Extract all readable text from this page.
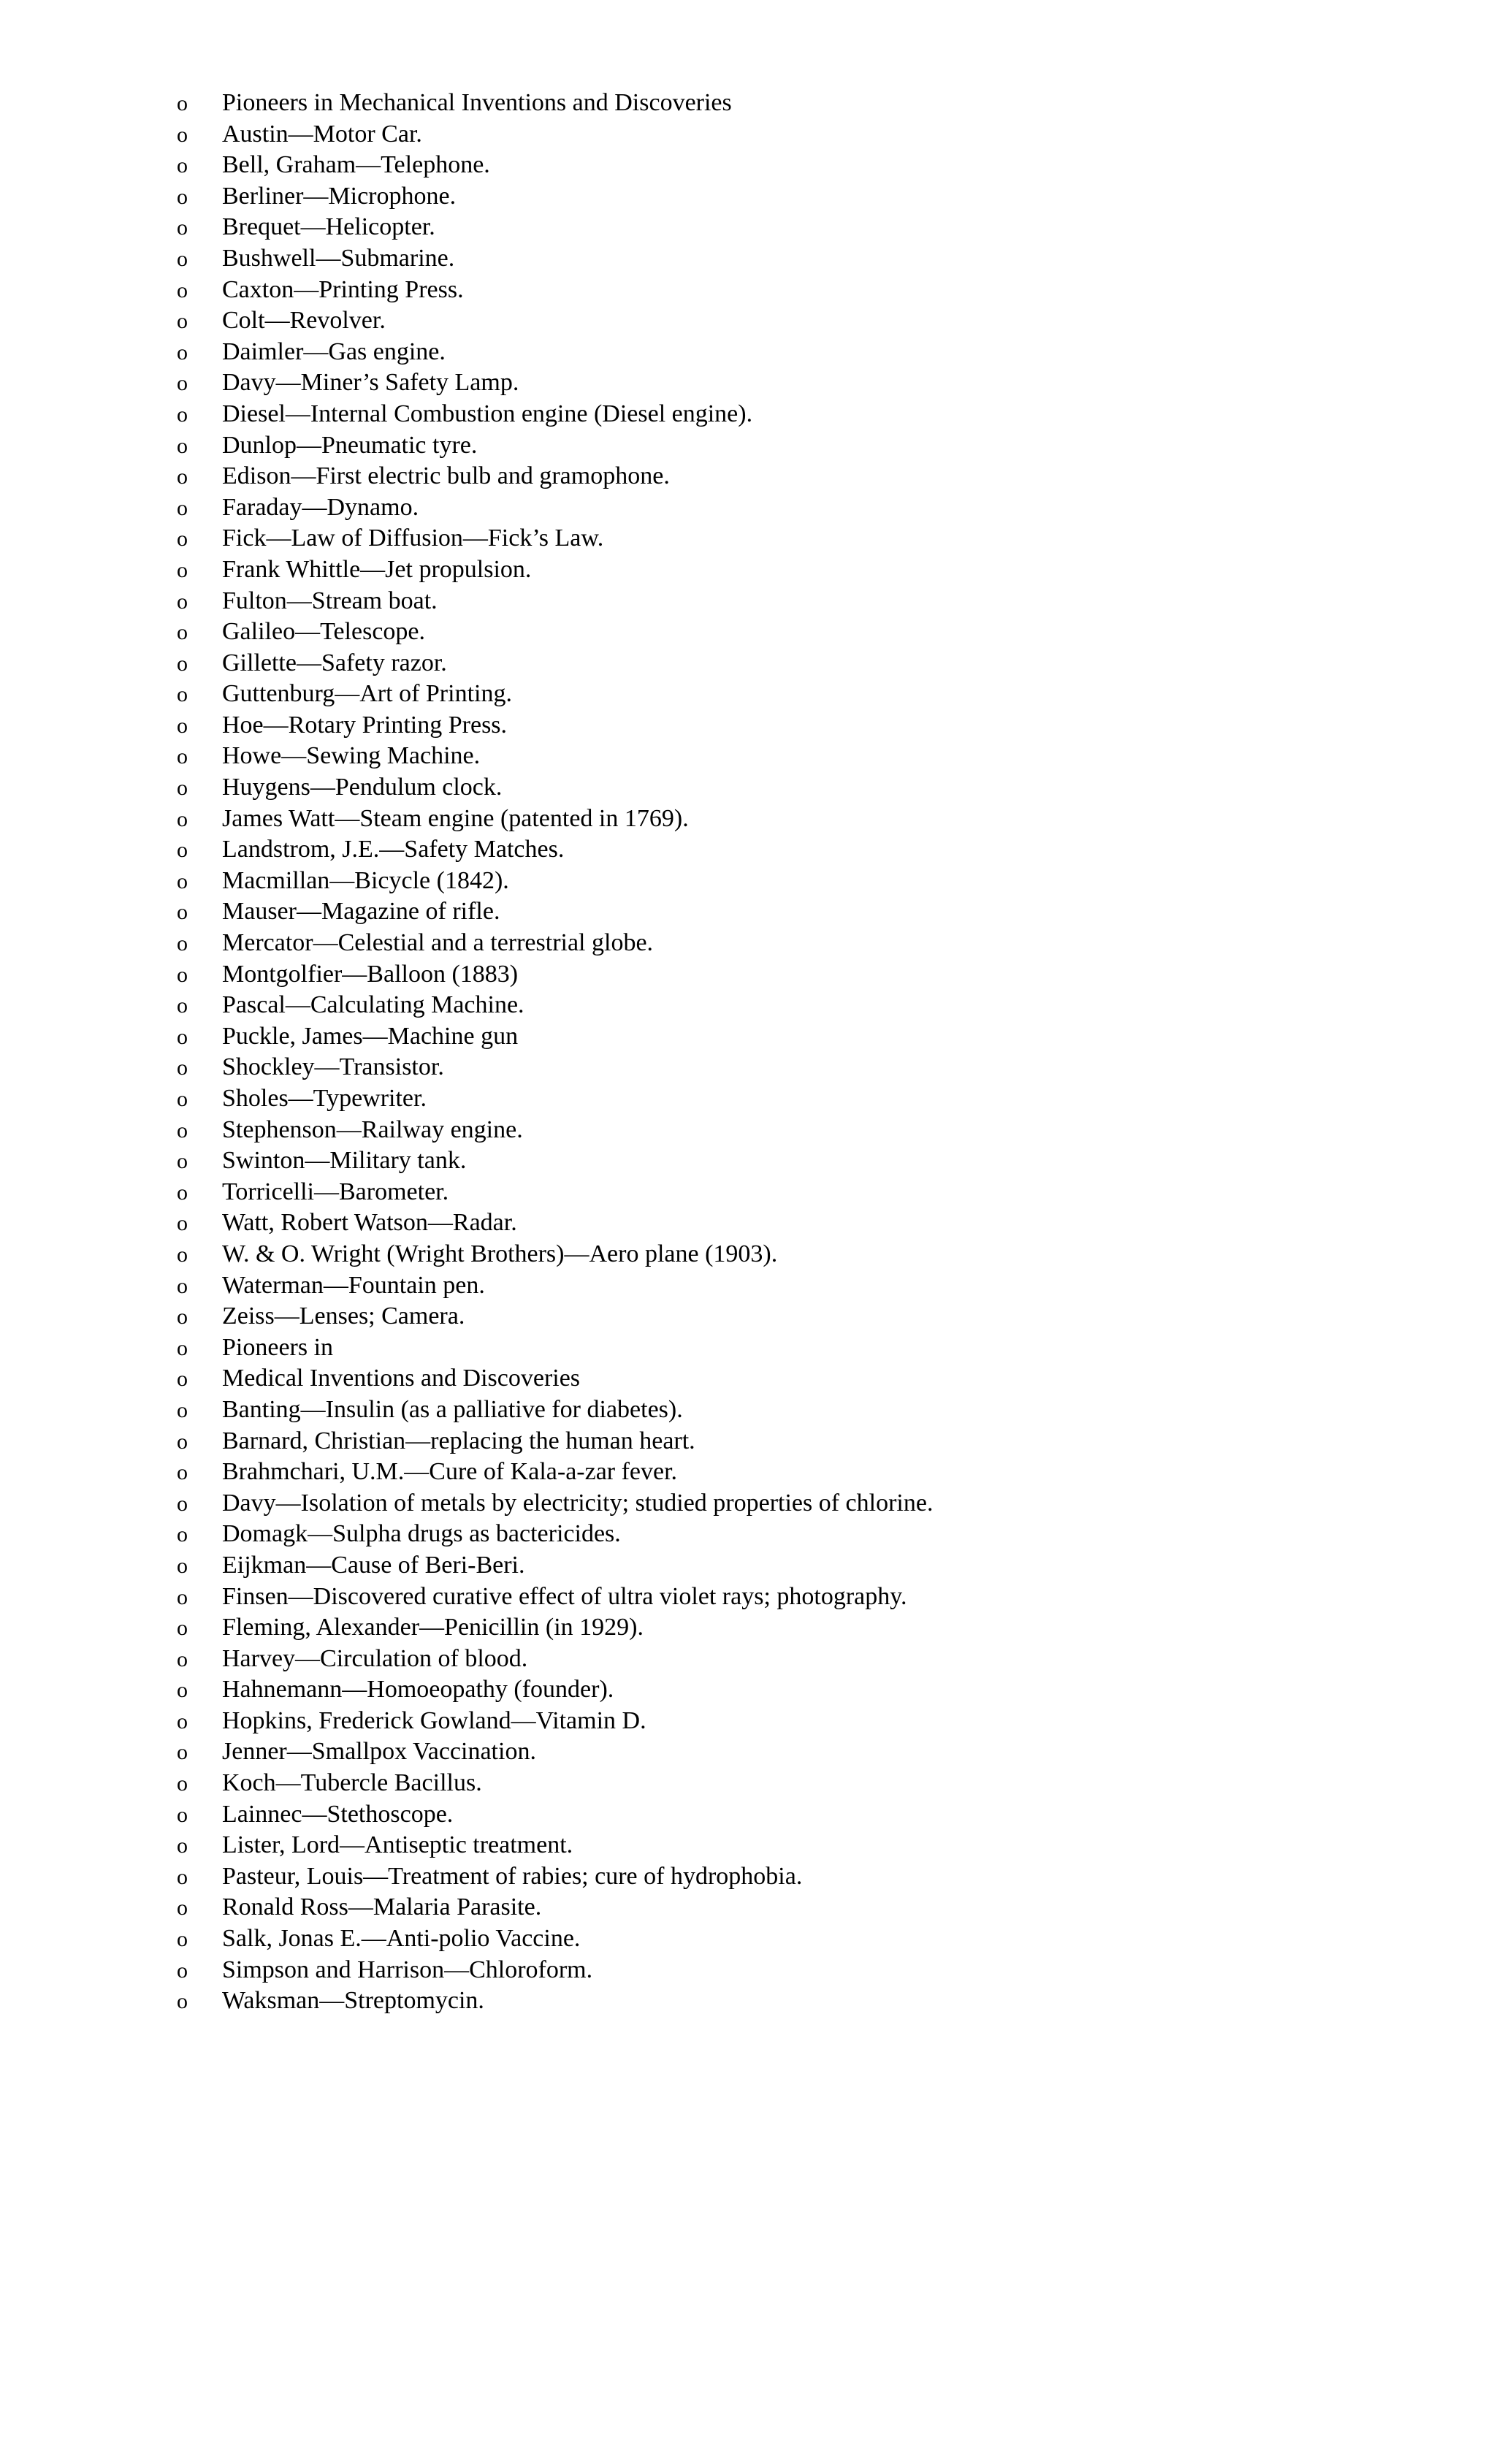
o	Pioneers in Mechanical Inventions and Discoveries
o	Austin—Motor Car.
o	Bell, Graham—Telephone.
o	Berliner—Microphone.
o	Brequet—Helicopter.
o	Bushwell—Submarine.
o	Caxton—Printing Press.
o	Colt—Revolver.
o	Daimler—Gas engine.
o	Davy—Miner’s Safety Lamp.
o	Diesel—Internal Combustion engine (Diesel engine).
o	Dunlop—Pneumatic tyre.
o	Edison—First electric bulb and gramophone.
o	Faraday—Dynamo.
o	Fick—Law of Diffusion—Fick’s Law.
o	Frank Whittle—Jet propulsion.
o	Fulton—Stream boat.
o	Galileo—Telescope.
o	Gillette—Safety razor.
o	Guttenburg—Art of Printing.
o	Hoe—Rotary Printing Press.
o	Howe—Sewing Machine.
o	Huygens—Pendulum clock.
o	James Watt—Steam engine (patented in 1769).
o	Landstrom, J.E.—Safety Matches.
o	Macmillan—Bicycle (1842).
o	Mauser—Magazine of rifle.
o	Mercator—Celestial and a terrestrial globe.
o	Montgolfier—Balloon (1883)
o	Pascal—Calculating Machine.
o	Puckle, James—Machine gun
o	Shockley—Transistor.
o	Sholes—Typewriter.
o	Stephenson—Railway engine.
o	Swinton—Military tank.
o	Torricelli—Barometer.
o	Watt, Robert Watson—Radar.
o	W. & O. Wright (Wright Brothers)—Aero plane (1903).
o	Waterman—Fountain pen.
o	Zeiss—Lenses; Camera.
o	Pioneers in
o	Medical Inventions and Discoveries
o	Banting—Insulin (as a palliative for diabetes).
o	Barnard, Christian—replacing the human heart.
o	Brahmchari, U.M.—Cure of Kala-a-zar fever.
o	Davy—Isolation of metals by electricity; studied properties of chlorine.
o	Domagk—Sulpha drugs as bactericides.
o	Eijkman—Cause of Beri-Beri.
o	Finsen—Discovered curative effect of ultra violet rays; photography.
o	Fleming, Alexander—Penicillin (in 1929).
o	Harvey—Circulation of blood.
o	Hahnemann—Homoeopathy (founder).
o	Hopkins, Frederick Gowland—Vitamin D.
o	Jenner—Smallpox Vaccination.
o	Koch—Tubercle Bacillus.
o	Lainnec—Stethoscope.
o	Lister, Lord—Antiseptic treatment.
o	Pasteur, Louis—Treatment of rabies; cure of hydrophobia.
o	Ronald Ross—Malaria Parasite.
o	Salk, Jonas E.—Anti-polio Vaccine.
o	Simpson and Harrison—Chloroform.
o	Waksman—Streptomycin.
